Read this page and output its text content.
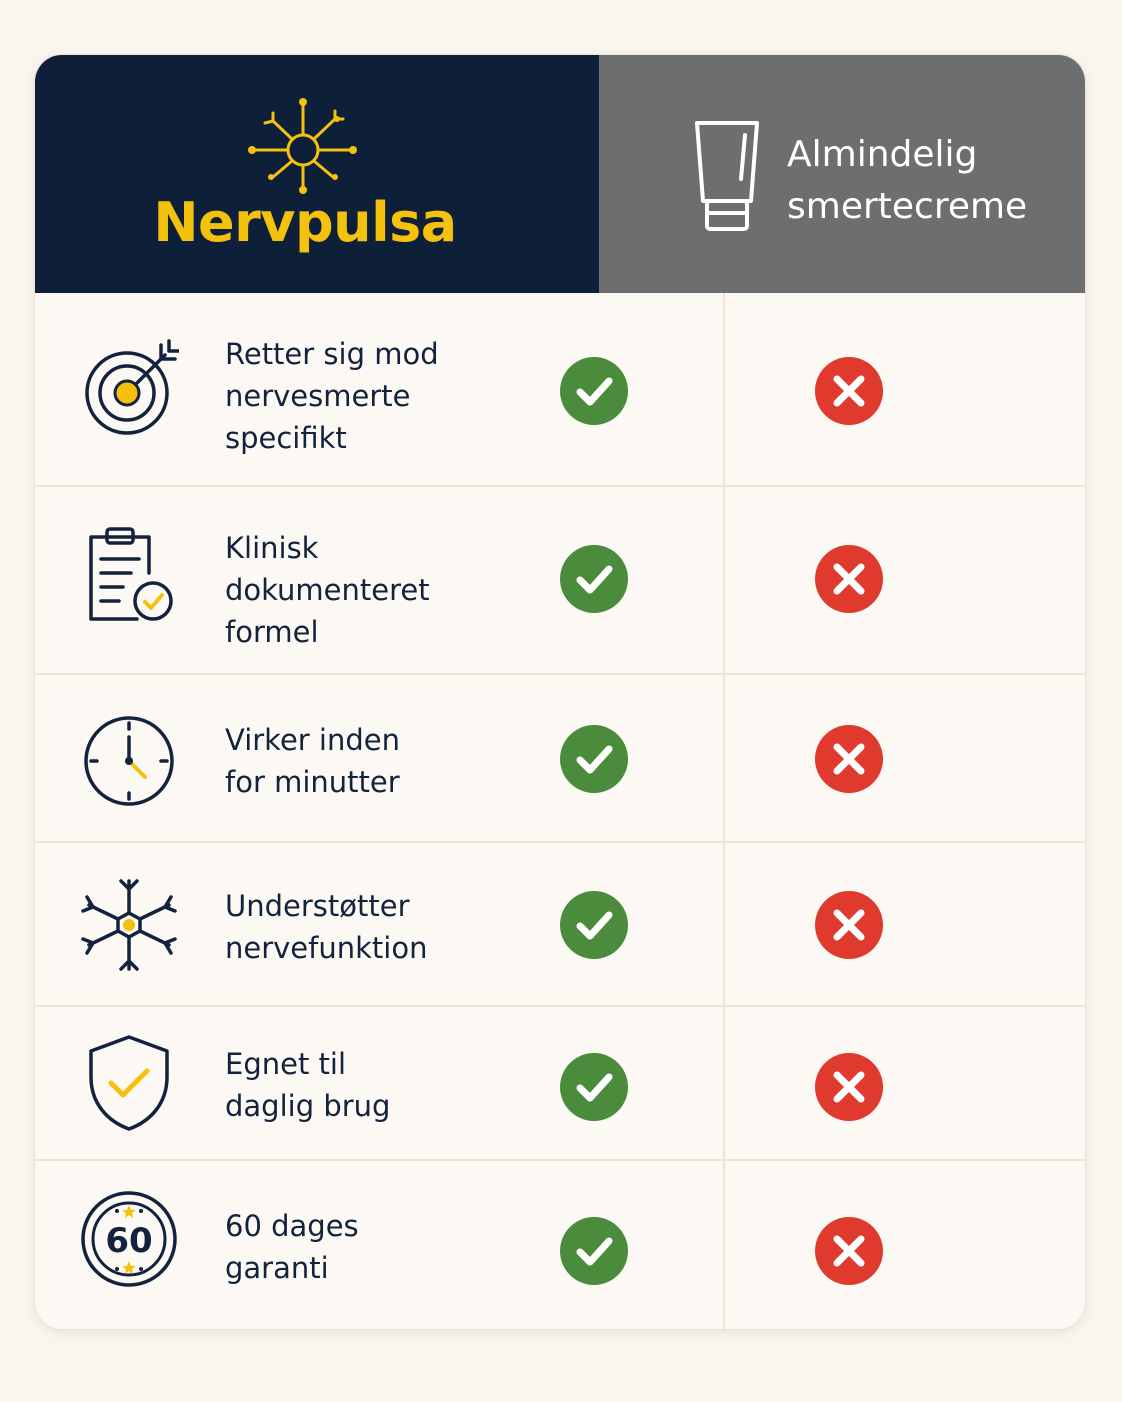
Nervpulsa
Almindelig
smertecreme
Retter sig mod
nervesmerte
specifikt
Klinisk
dokumenteret
formel
Virker inden
for minutter
Understøtter
nervefunktion
Egnet til
daglig brug
60 60 dages
garanti
